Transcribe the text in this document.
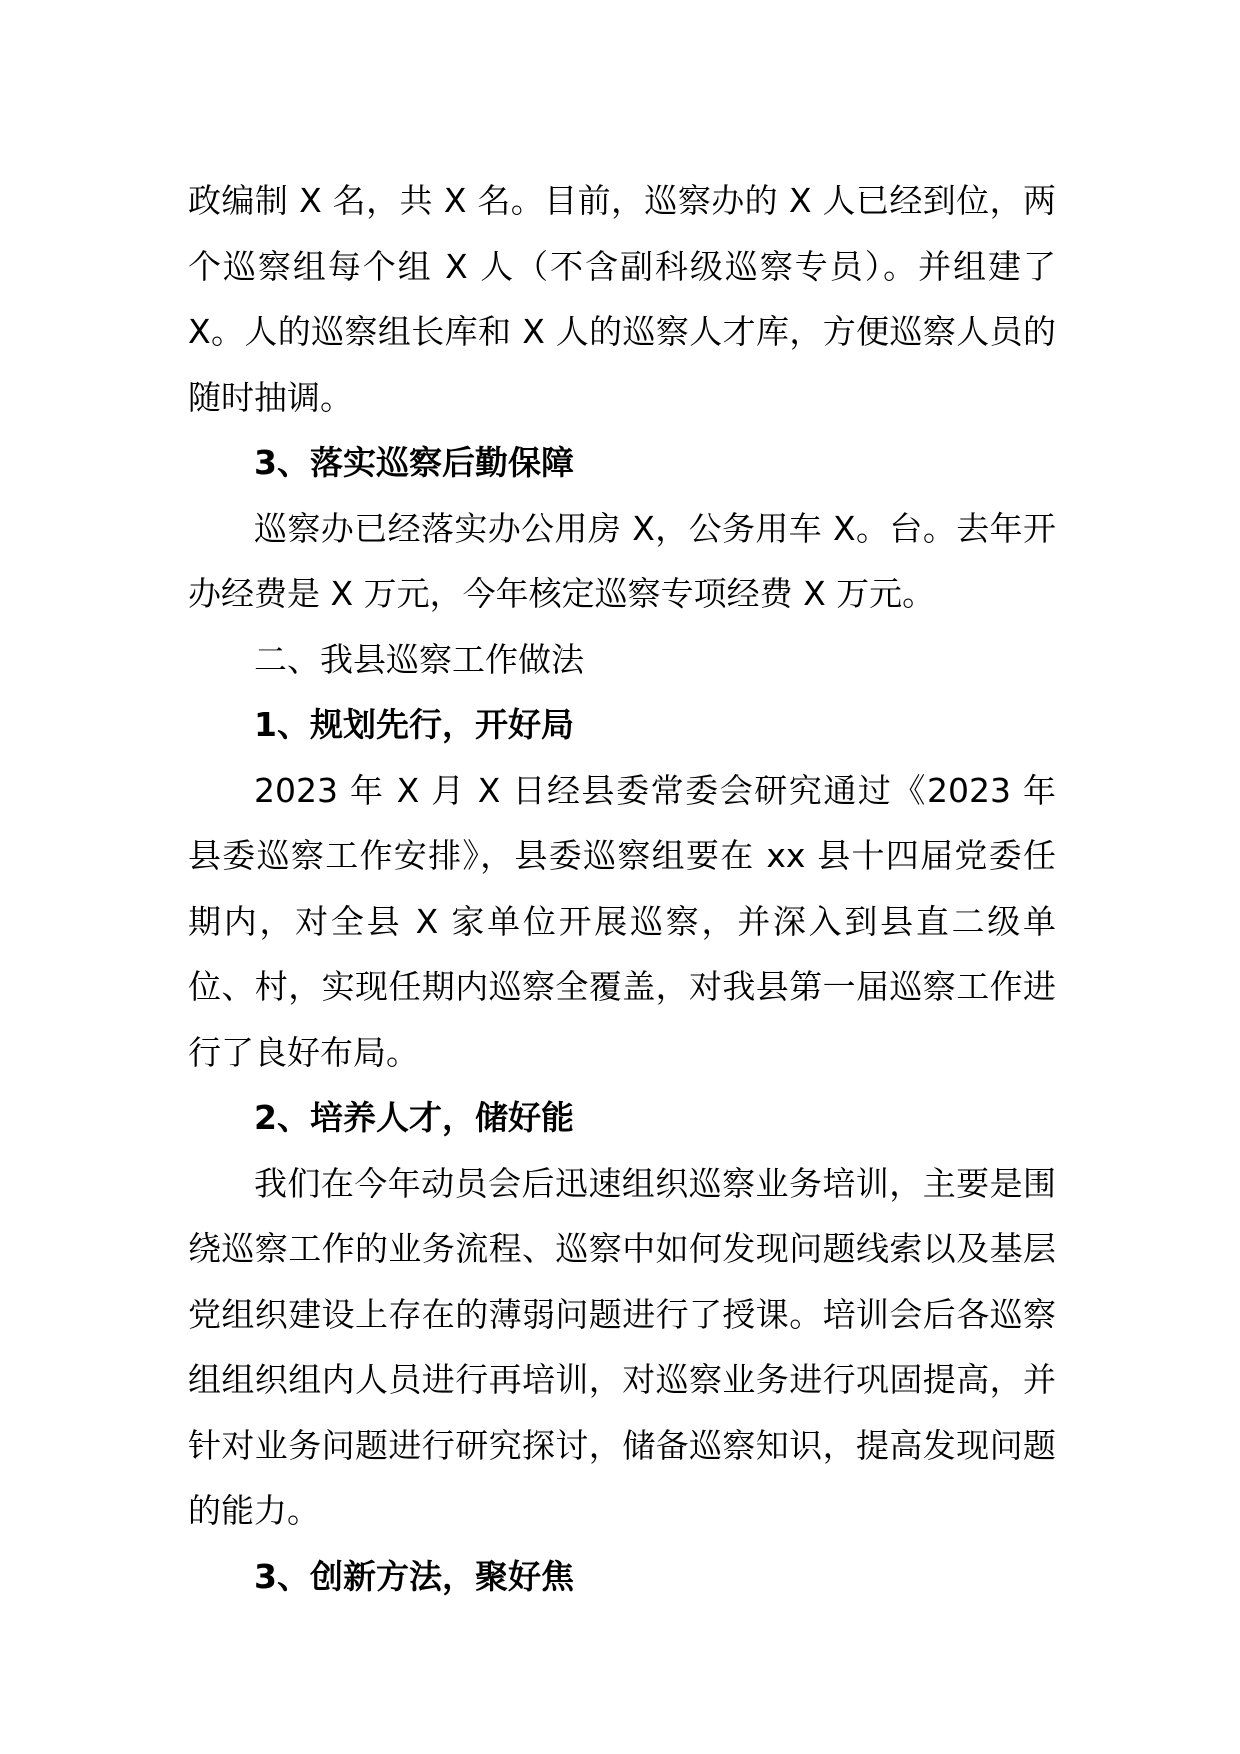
政编制 X 名，共 X 名。目前，巡察办的 X 人已经到位，两个巡察组每个组 X 人（不含副科级巡察专员）。并组建了X。人的巡察组长库和 X 人的巡察人才库，方便巡察人员的随时抽调。

3、落实巡察后勤保障

巡察办已经落实办公用房 X，公务用车 X。台。去年开办经费是 X 万元，今年核定巡察专项经费 X 万元。

二、我县巡察工作做法

1、规划先行，开好局

2023 年 X 月 X 日经县委常委会研究通过《2023 年县委巡察工作安排》，县委巡察组要在 xx 县十四届党委任期内，对全县 X 家单位开展巡察，并深入到县直二级单位、村，实现任期内巡察全覆盖，对我县第一届巡察工作进行了良好布局。

2、培养人才，储好能

我们在今年动员会后迅速组织巡察业务培训，主要是围绕巡察工作的业务流程、巡察中如何发现问题线索以及基层党组织建设上存在的薄弱问题进行了授课。培训会后各巡察组组织组内人员进行再培训，对巡察业务进行巩固提高，并针对业务问题进行研究探讨，储备巡察知识，提高发现问题的能力。

3、创新方法，聚好焦
